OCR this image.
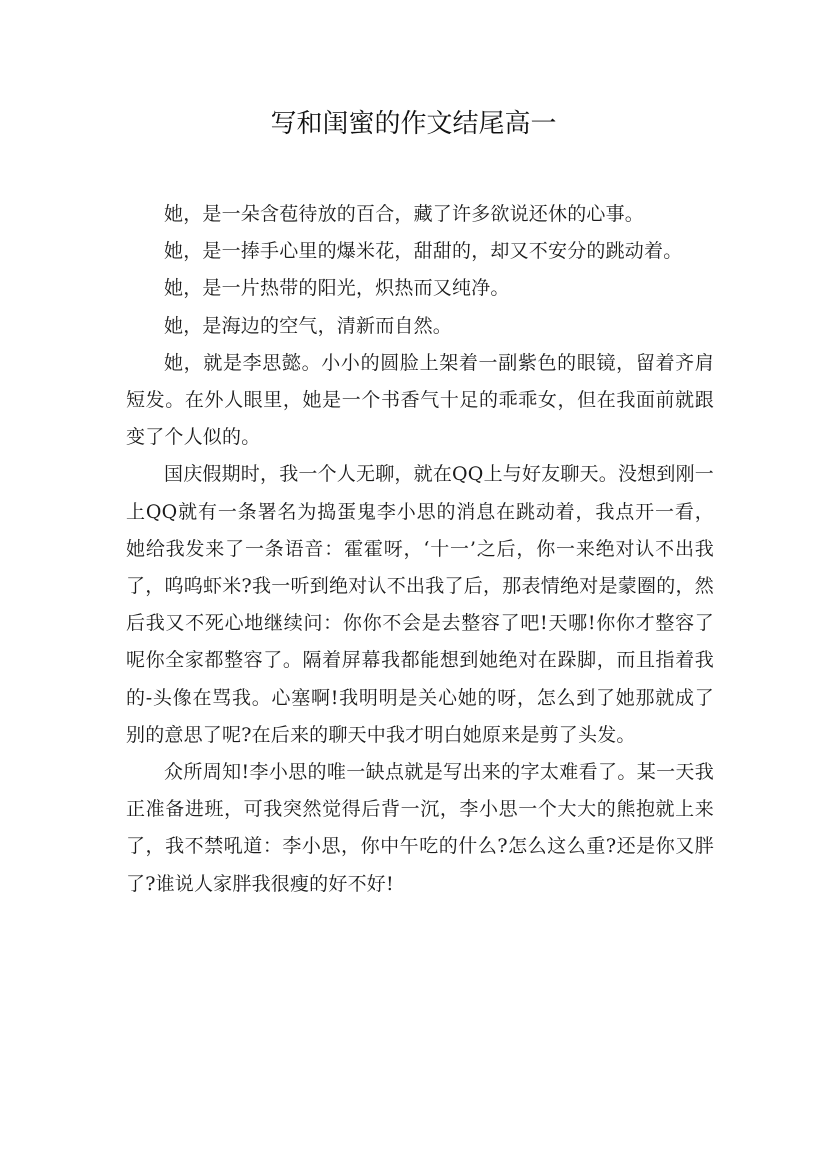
写和闺蜜的作文结尾高一

她，是一朵含苞待放的百合，藏了许多欲说还休的心事。

她，是一捧手心里的爆米花，甜甜的，却又不安分的跳动着。

她，是一片热带的阳光，炽热而又纯净。

她，是海边的空气，清新而自然。

她，就是李思懿。小小的圆脸上架着一副紫色的眼镜，留着齐肩短发。在外人眼里，她是一个书香气十足的乖乖女，但在我面前就跟变了个人似的。

国庆假期时，我一个人无聊，就在QQ上与好友聊天。没想到刚一上QQ就有一条署名为捣蛋鬼李小思的消息在跳动着，我点开一看，她给我发来了一条语音：霍霍呀，‘十一’之后，你一来绝对认不出我了，呜呜虾米?我一听到绝对认不出我了后，那表情绝对是蒙圈的，然后我又不死心地继续问：你你不会是去整容了吧!天哪!你你才整容了呢你全家都整容了。隔着屏幕我都能想到她绝对在跺脚，而且指着我的-头像在骂我。心塞啊!我明明是关心她的呀，怎么到了她那就成了别的意思了呢?在后来的聊天中我才明白她原来是剪了头发。

众所周知!李小思的唯一缺点就是写出来的字太难看了。某一天我正准备进班，可我突然觉得后背一沉，李小思一个大大的熊抱就上来了，我不禁吼道：李小思，你中午吃的什么?怎么这么重?还是你又胖了?谁说人家胖我很瘦的好不好!
